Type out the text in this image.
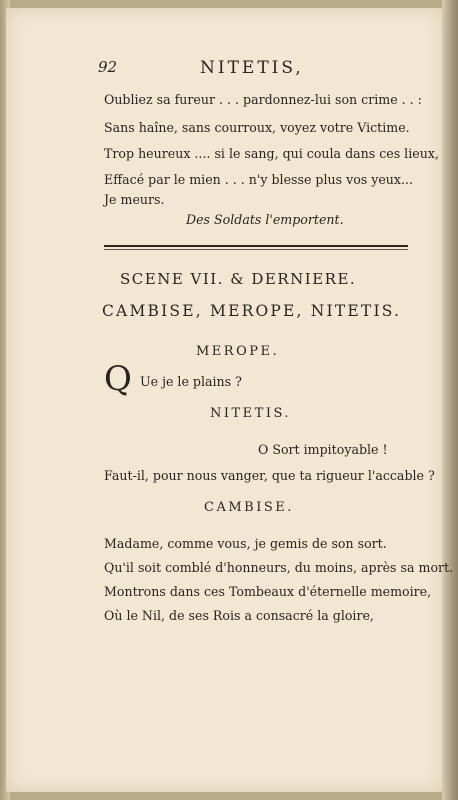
92	NITETIS,
Oubliez sa fureur . . . pardonnez-lui son crime . . :
Sans haîne, sans courroux, voyez votre Victime.
Trop heureux .... si le sang, qui coula dans ces lieux,
Effacé par le mien . . . n'y blesse plus vos yeux...
Je meurs.
Des Soldats l'emportent.
SCENE VII. & DERNIERE.
CAMBISE, MEROPE, NITETIS.
MEROPE.
Q Ue je le plains ?
NITETIS.
O Sort impitoyable !
Faut-il, pour nous vanger, que ta rigueur l'accable ?
CAMBISE.
Madame, comme vous, je gemis de son sort.
Qu'il soit comblé d'honneurs, du moins, après sa mort.
Montrons dans ces Tombeaux d'éternelle memoire,
Où le Nil, de ses Rois a consacré la gloire,
